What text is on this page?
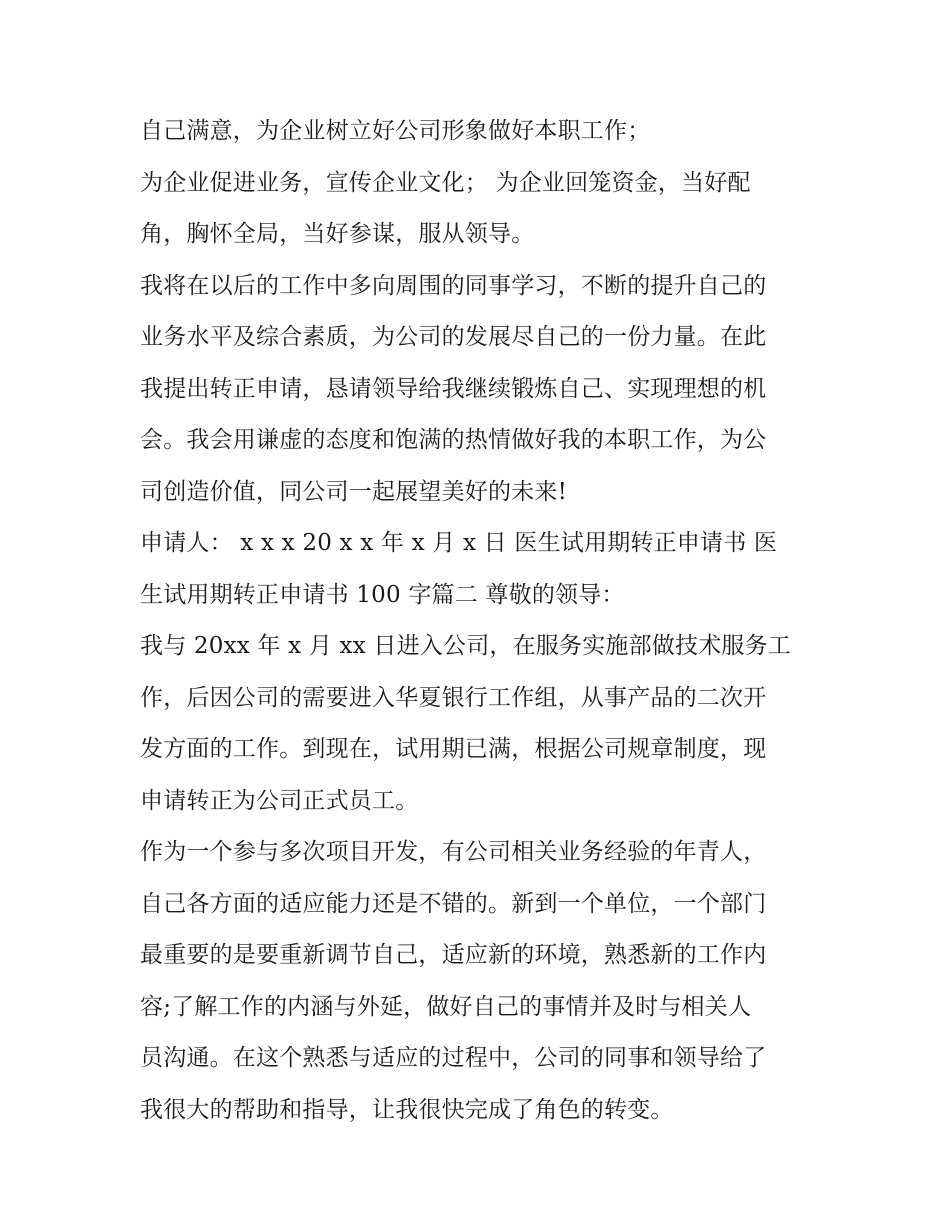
自己满意，为企业树立好公司形象做好本职工作；
为企业促进业务，宣传企业文化； 为企业回笼资金，当好配
角，胸怀全局，当好参谋，服从领导。
我将在以后的工作中多向周围的同事学习，不断的提升自己的
业务水平及综合素质，为公司的发展尽自己的一份力量。在此
我提出转正申请，恳请领导给我继续锻炼自己、实现理想的机
会。我会用谦虚的态度和饱满的热情做好我的本职工作，为公
司创造价值，同公司一起展望美好的未来!
申请人： x x x 20 x x 年 x 月 x 日 医生试用期转正申请书 医
生试用期转正申请书 100 字篇二 尊敬的领导：
我与 20xx 年 x 月 xx 日进入公司，在服务实施部做技术服务工
作，后因公司的需要进入华夏银行工作组，从事产品的二次开
发方面的工作。到现在，试用期已满，根据公司规章制度，现
申请转正为公司正式员工。
作为一个参与多次项目开发，有公司相关业务经验的年青人，
自己各方面的适应能力还是不错的。新到一个单位，一个部门
最重要的是要重新调节自己，适应新的环境，熟悉新的工作内
容;了解工作的内涵与外延，做好自己的事情并及时与相关人
员沟通。在这个熟悉与适应的过程中，公司的同事和领导给了
我很大的帮助和指导，让我很快完成了角色的转变。
